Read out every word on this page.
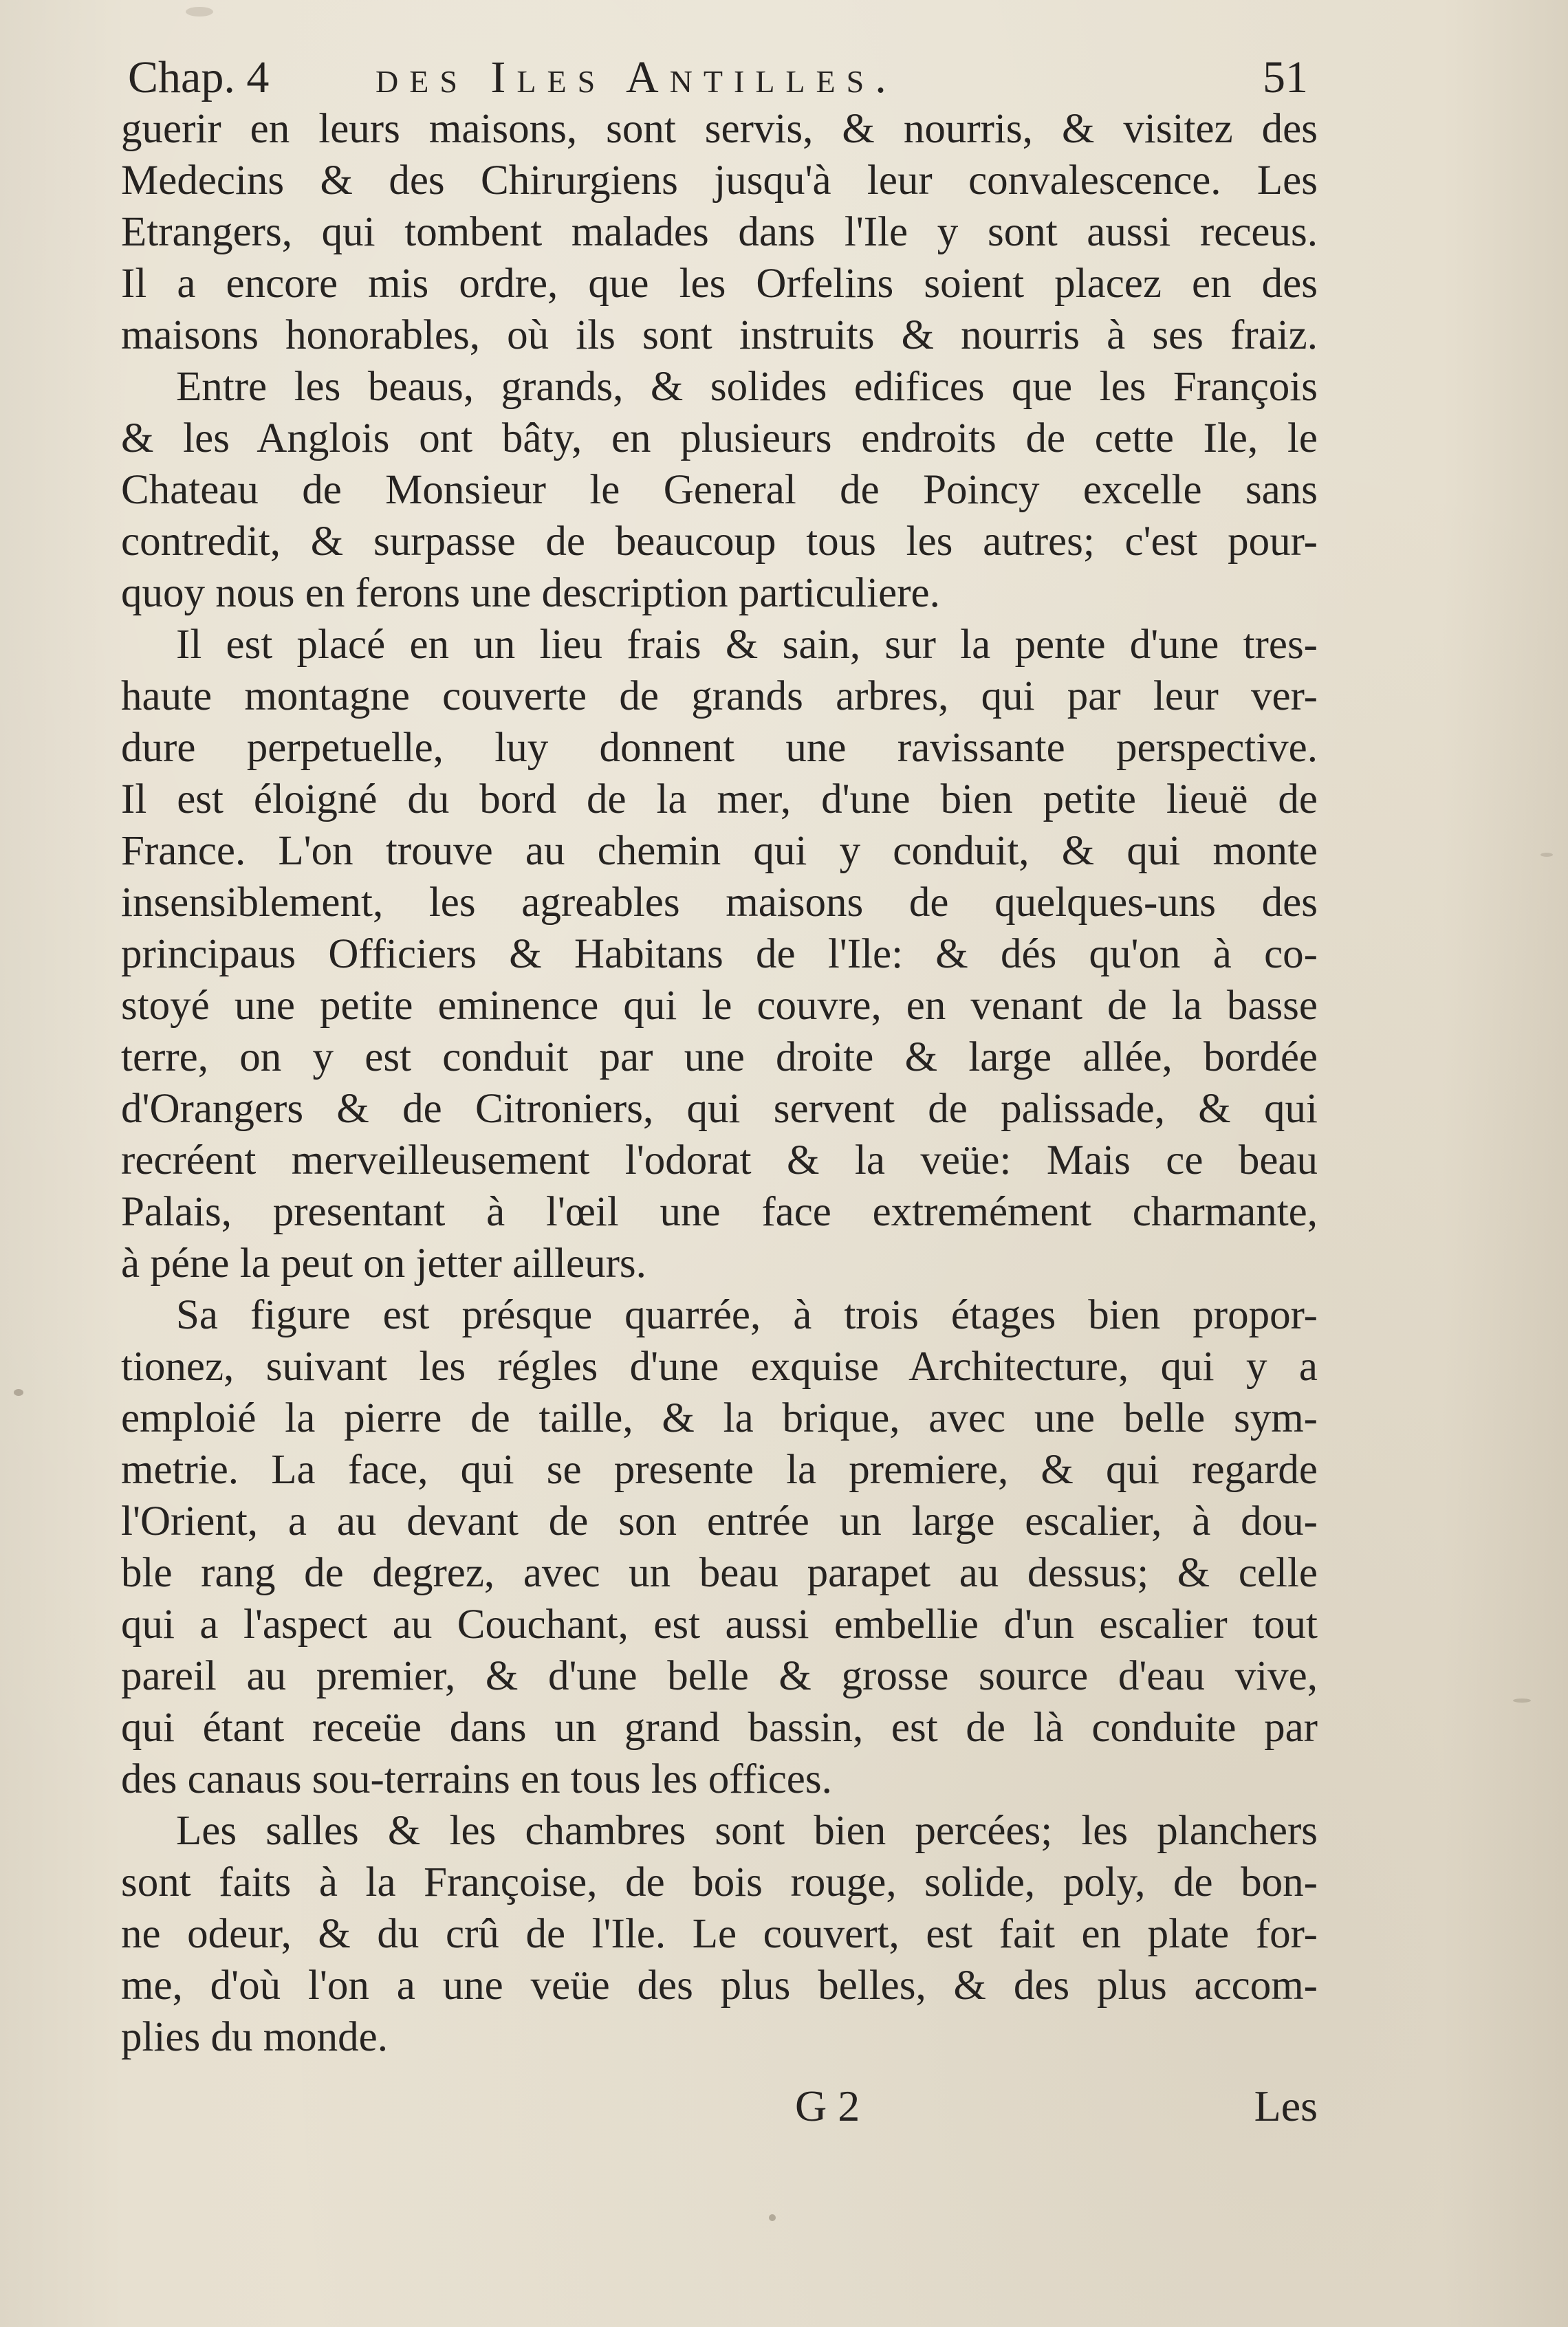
Chap. 4 des Iles Antilles.	51
guerir en leurs maisons, sont servis, & nourris, & visitez des
Medecins & des Chirurgiens jusqu'à leur convalescence. Les
Etrangers, qui tombent malades dans l'Ile y sont aussi receus.
Il a encore mis ordre, que les Orfelins soient placez en des
maisons honorables, où ils sont instruits & nourris à ses fraiz.
Entre les beaus, grands, & solides edifices que les François
& les Anglois ont bâty, en plusieurs endroits de cette Ile, le
Chateau de Monsieur le General de Poincy excelle sans
contredit, & surpasse de beaucoup tous les autres; c'est pour-
quoy nous en ferons une description particuliere.
Il est placé en un lieu frais & sain, sur la pente d'une tres-
haute montagne couverte de grands arbres, qui par leur ver-
dure perpetuelle, luy donnent une ravissante perspective.
Il est éloigné du bord de la mer, d'une bien petite lieuë de
France. L'on trouve au chemin qui y conduit, & qui monte
insensiblement, les agreables maisons de quelques-uns des
principaus Officiers & Habitans de l'Ile: & dés qu'on à co-
stoyé une petite eminence qui le couvre, en venant de la basse
terre, on y est conduit par une droite & large allée, bordée
d'Orangers & de Citroniers, qui servent de palissade, & qui
recréent merveilleusement l'odorat & la veüe: Mais ce beau
Palais, presentant à l'œil une face extremément charmante,
à péne la peut on jetter ailleurs.
Sa figure est présque quarrée, à trois étages bien propor-
tionez, suivant les régles d'une exquise Architecture, qui y a
emploié la pierre de taille, & la brique, avec une belle sym-
metrie. La face, qui se presente la premiere, & qui regarde
l'Orient, a au devant de son entrée un large escalier, à dou-
ble rang de degrez, avec un beau parapet au dessus; & celle
qui a l'aspect au Couchant, est aussi embellie d'un escalier tout
pareil au premier, & d'une belle & grosse source d'eau vive,
qui étant receüe dans un grand bassin, est de là conduite par
des canaus sou-terrains en tous les offices.
Les salles & les chambres sont bien percées; les planchers
sont faits à la Françoise, de bois rouge, solide, poly, de bon-
ne odeur, & du crû de l'Ile. Le couvert, est fait en plate for-
me, d'où l'on a une veüe des plus belles, & des plus accom-
plies du monde.
G 2	Les
